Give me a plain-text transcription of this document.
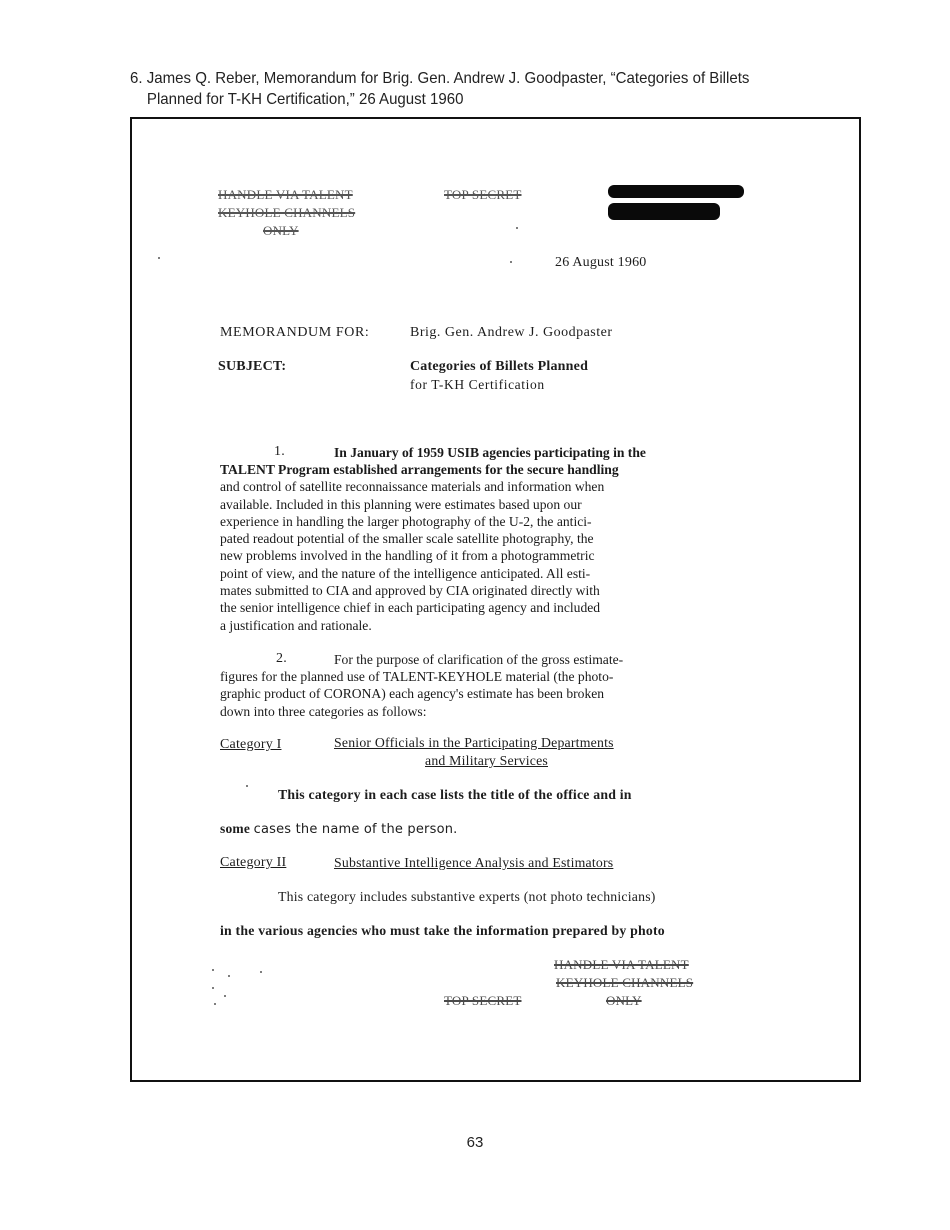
6. James Q. Reber, Memorandum for Brig. Gen. Andrew J. Goodpaster, “Categories of Billets
Planned for T-KH Certification,” 26 August 1960
HANDLE VIA TALENT
KEYHOLE CHANNELS
ONLY
TOP SECRET
26 August 1960
MEMORANDUM FOR:	Brig. Gen. Andrew J. Goodpaster
SUBJECT:	Categories of Billets Planned
for T-KH Certification
1.	In January of 1959 USIB agencies participating in the
TALENT Program established arrangements for the secure handling
and control of satellite reconnaissance materials and information when
available. Included in this planning were estimates based upon our
experience in handling the larger photography of the U-2, the antici-
pated readout potential of the smaller scale satellite photography, the
new problems involved in the handling of it from a photogrammetric
point of view, and the nature of the intelligence anticipated. All esti-
mates submitted to CIA and approved by CIA originated directly with
the senior intelligence chief in each participating agency and included
a justification and rationale.
2.	For the purpose of clarification of the gross estimate-
figures for the planned use of TALENT-KEYHOLE material (the photo-
graphic product of CORONA) each agency's estimate has been broken
down into three categories as follows:
Category I	Senior Officials in the Participating Departments
and Military Services
This category in each case lists the title of the office and in
some cases the name of the person.
Category II	Substantive Intelligence Analysis and Estimators
This category includes substantive experts (not photo technicians)
in the various agencies who must take the information prepared by photo
HANDLE VIA TALENT
KEYHOLE CHANNELS
ONLY
TOP SECRET
63
